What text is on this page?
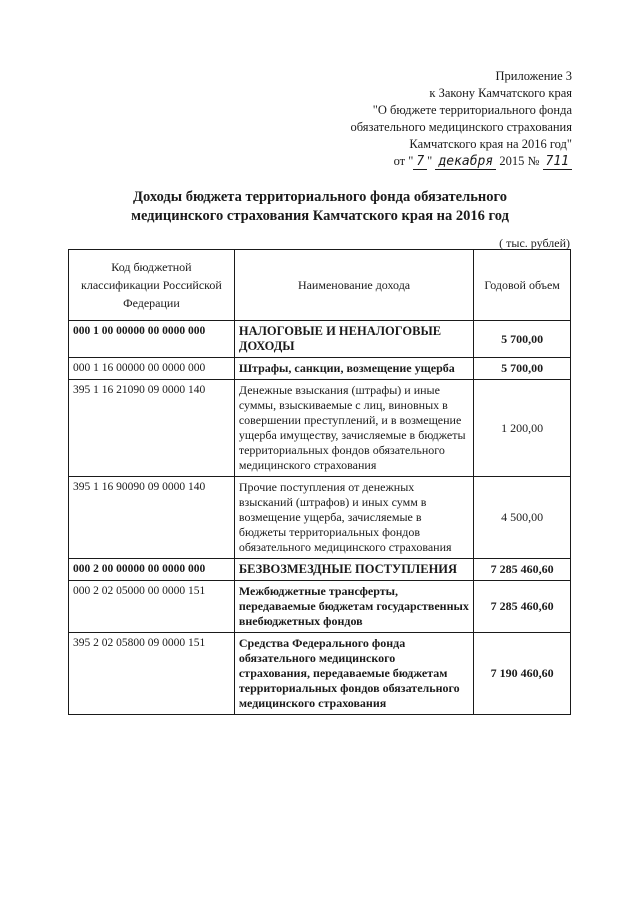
Приложение 3
к Закону Камчатского края
"О бюджете территориального фонда
обязательного медицинского страхования
Камчатского края на 2016 год"
от " 7 " декабря 2015 № 711
Доходы бюджета территориального фонда обязательного
медицинского страхования Камчатского края на 2016 год
( тыс. рублей)
Код бюджетной классификации Российской Федерации	Наименование дохода	Годовой объем
000 1 00 00000 00 0000 000	НАЛОГОВЫЕ И НЕНАЛОГОВЫЕ ДОХОДЫ	5 700,00
000 1 16 00000 00 0000 000	Штрафы, санкции, возмещение ущерба	5 700,00
395 1 16 21090 09 0000 140	Денежные взыскания (штрафы) и иные суммы, взыскиваемые с лиц, виновных в совершении преступлений, и в возмещение ущерба имуществу, зачисляемые в бюджеты территориальных фондов обязательного медицинского страхования	1 200,00
395 1 16 90090 09 0000 140	Прочие поступления от денежных взысканий (штрафов) и иных сумм в возмещение ущерба, зачисляемые в бюджеты территориальных фондов обязательного медицинского страхования	4 500,00
000 2 00 00000 00 0000 000	БЕЗВОЗМЕЗДНЫЕ ПОСТУПЛЕНИЯ	7 285 460,60
000 2 02 05000 00 0000 151	Межбюджетные трансферты, передаваемые бюджетам государственных внебюджетных фондов	7 285 460,60
395 2 02 05800 09 0000 151	Средства Федерального фонда обязательного медицинского страхования, передаваемые бюджетам территориальных фондов обязательного медицинского страхования	7 190 460,60
